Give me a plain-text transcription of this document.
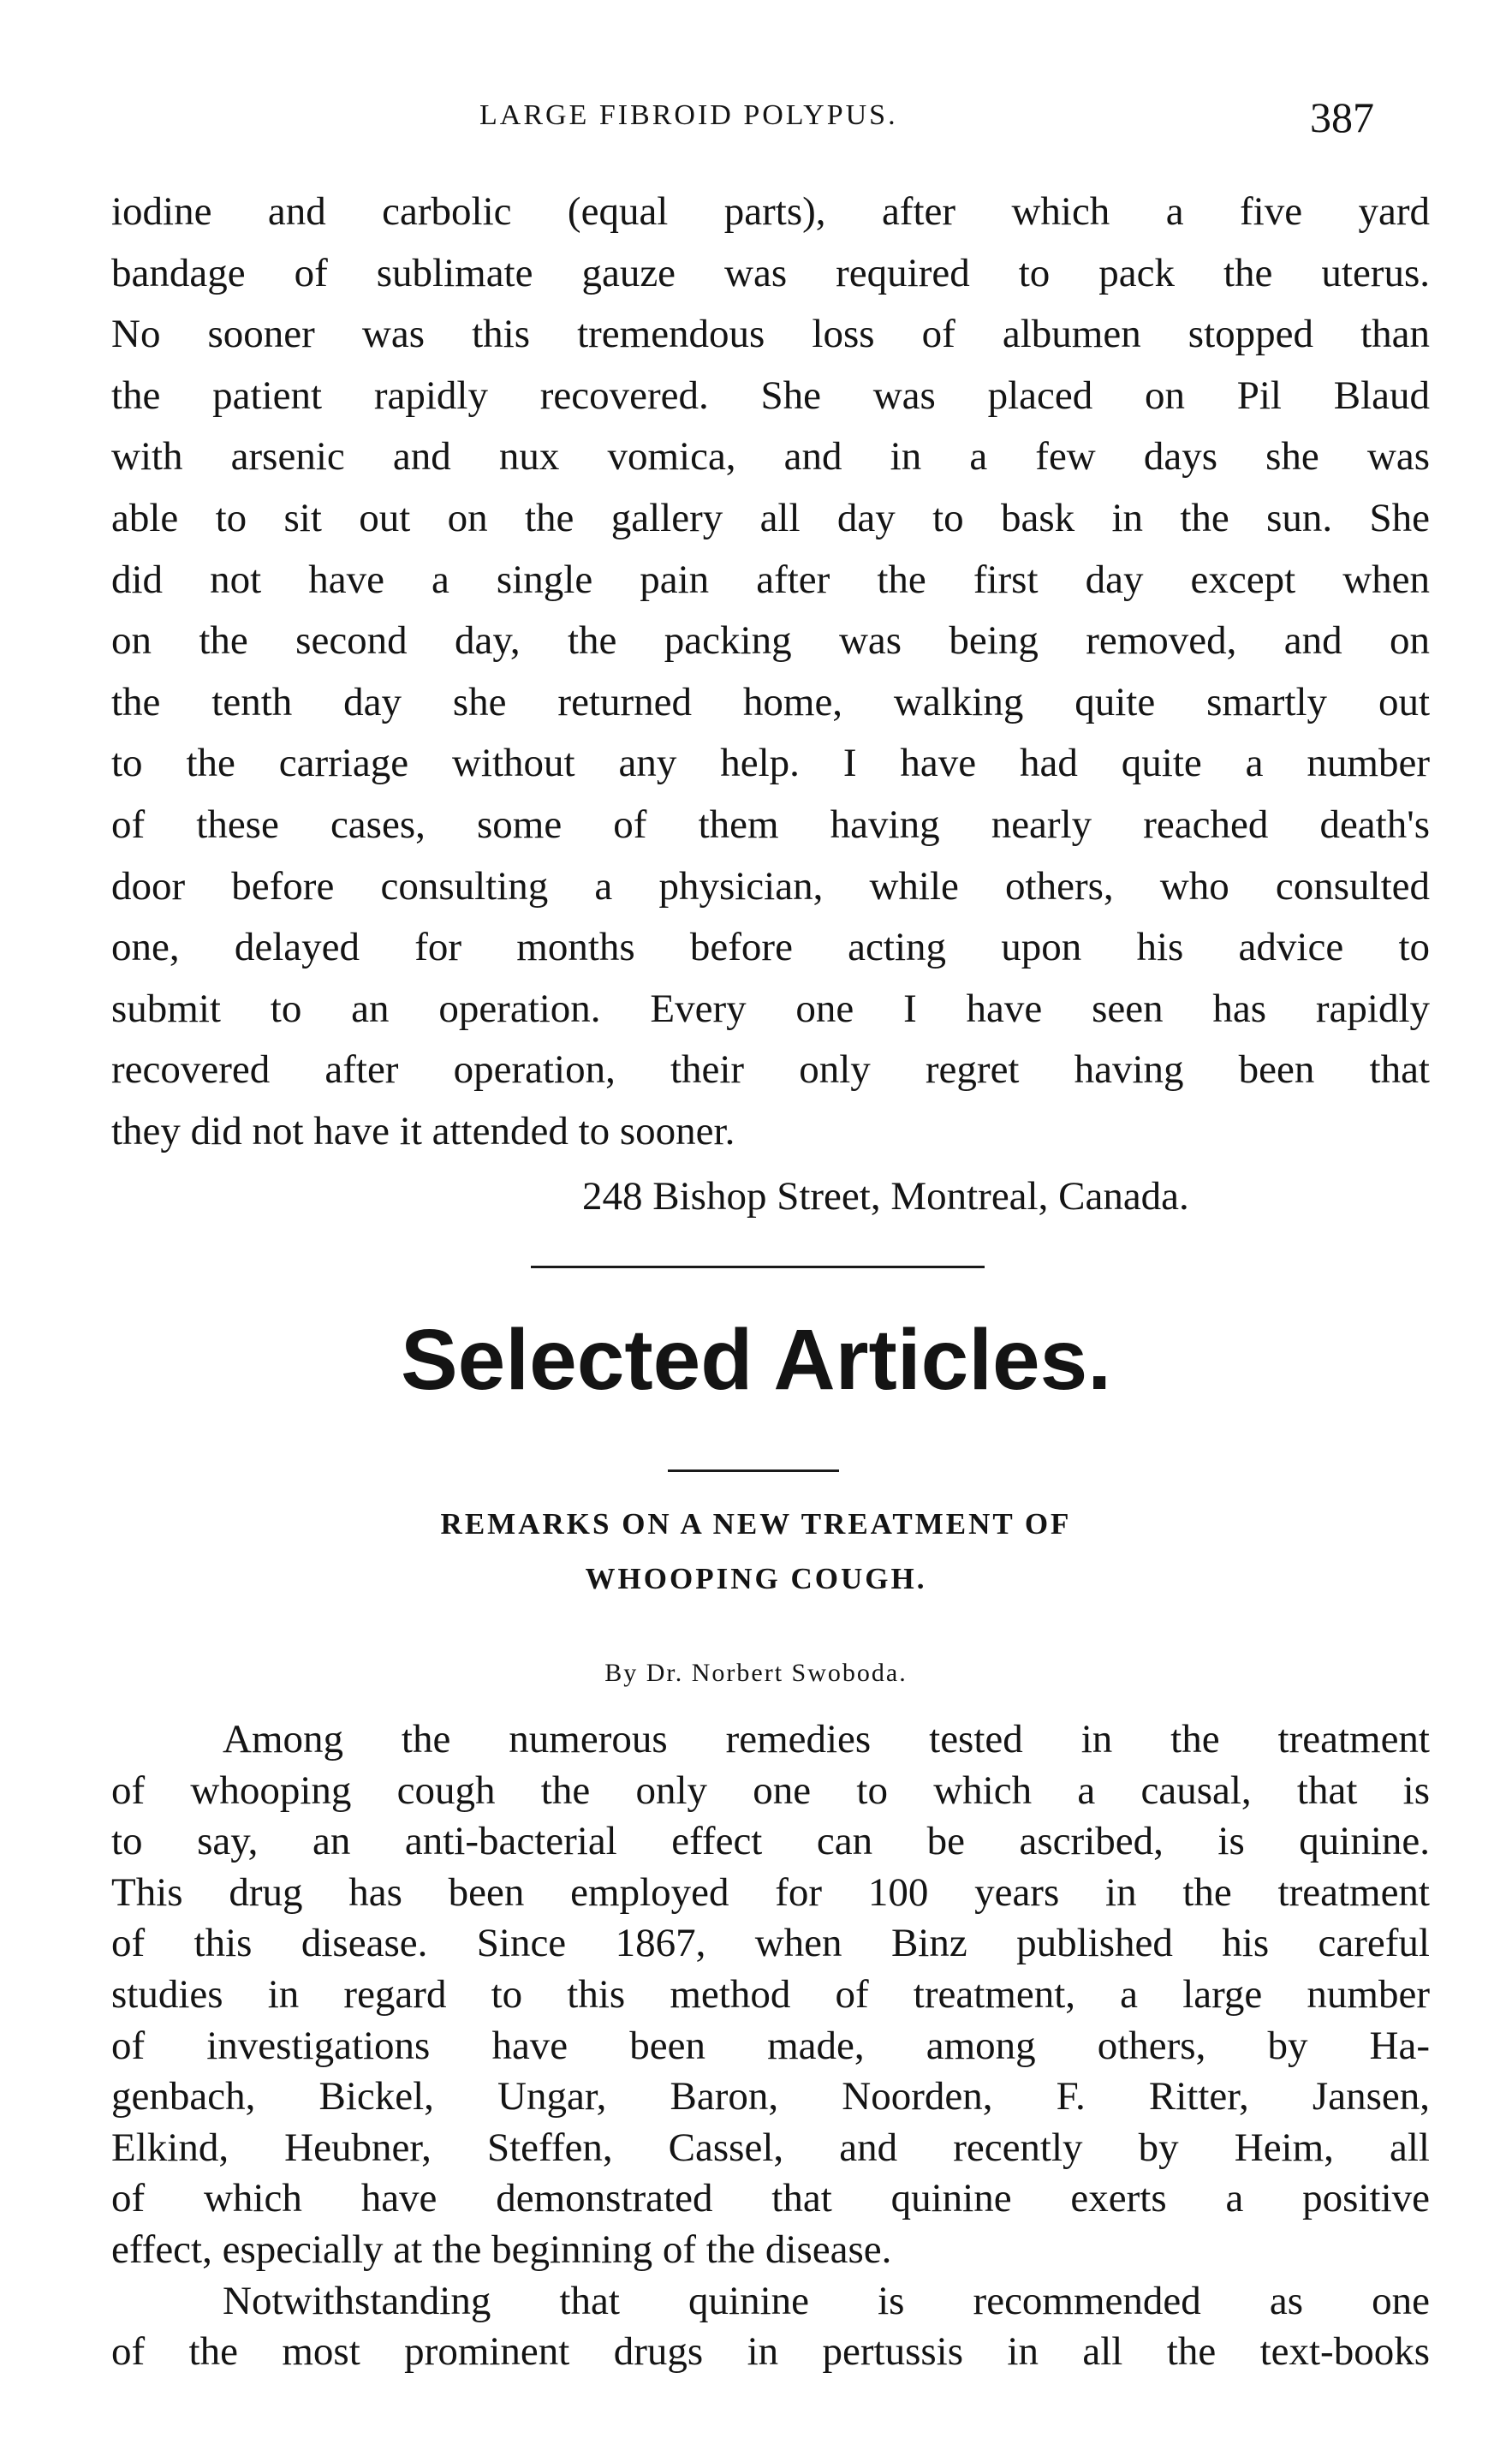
LARGE FIBROID POLYPUS.	387
iodine and carbolic (equal parts), after which a five yard
bandage of sublimate gauze was required to pack the uterus.
No sooner was this tremendous loss of albumen stopped than
the patient rapidly recovered. She was placed on Pil Blaud
with arsenic and nux vomica, and in a few days she was
able to sit out on the gallery all day to bask in the sun. She
did not have a single pain after the first day except when
on the second day, the packing was being removed, and on
the tenth day she returned home, walking quite smartly out
to the carriage without any help. I have had quite a number
of these cases, some of them having nearly reached death's
door before consulting a physician, while others, who consulted
one, delayed for months before acting upon his advice to
submit to an operation. Every one I have seen has rapidly
recovered after operation, their only regret having been that
they did not have it attended to sooner.
248 Bishop Street, Montreal, Canada.
Selected Articles.
REMARKS ON A NEW TREATMENT OF
WHOOPING COUGH.
By Dr. Norbert Swoboda.
Among the numerous remedies tested in the treatment
of whooping cough the only one to which a causal, that is
to say, an anti-bacterial effect can be ascribed, is quinine.
This drug has been employed for 100 years in the treatment
of this disease. Since 1867, when Binz published his careful
studies in regard to this method of treatment, a large number
of investigations have been made, among others, by Ha-
genbach, Bickel, Ungar, Baron, Noorden, F. Ritter, Jansen,
Elkind, Heubner, Steffen, Cassel, and recently by Heim, all
of which have demonstrated that quinine exerts a positive
effect, especially at the beginning of the disease.
Notwithstanding that quinine is recommended as one
of the most prominent drugs in pertussis in all the text-books
